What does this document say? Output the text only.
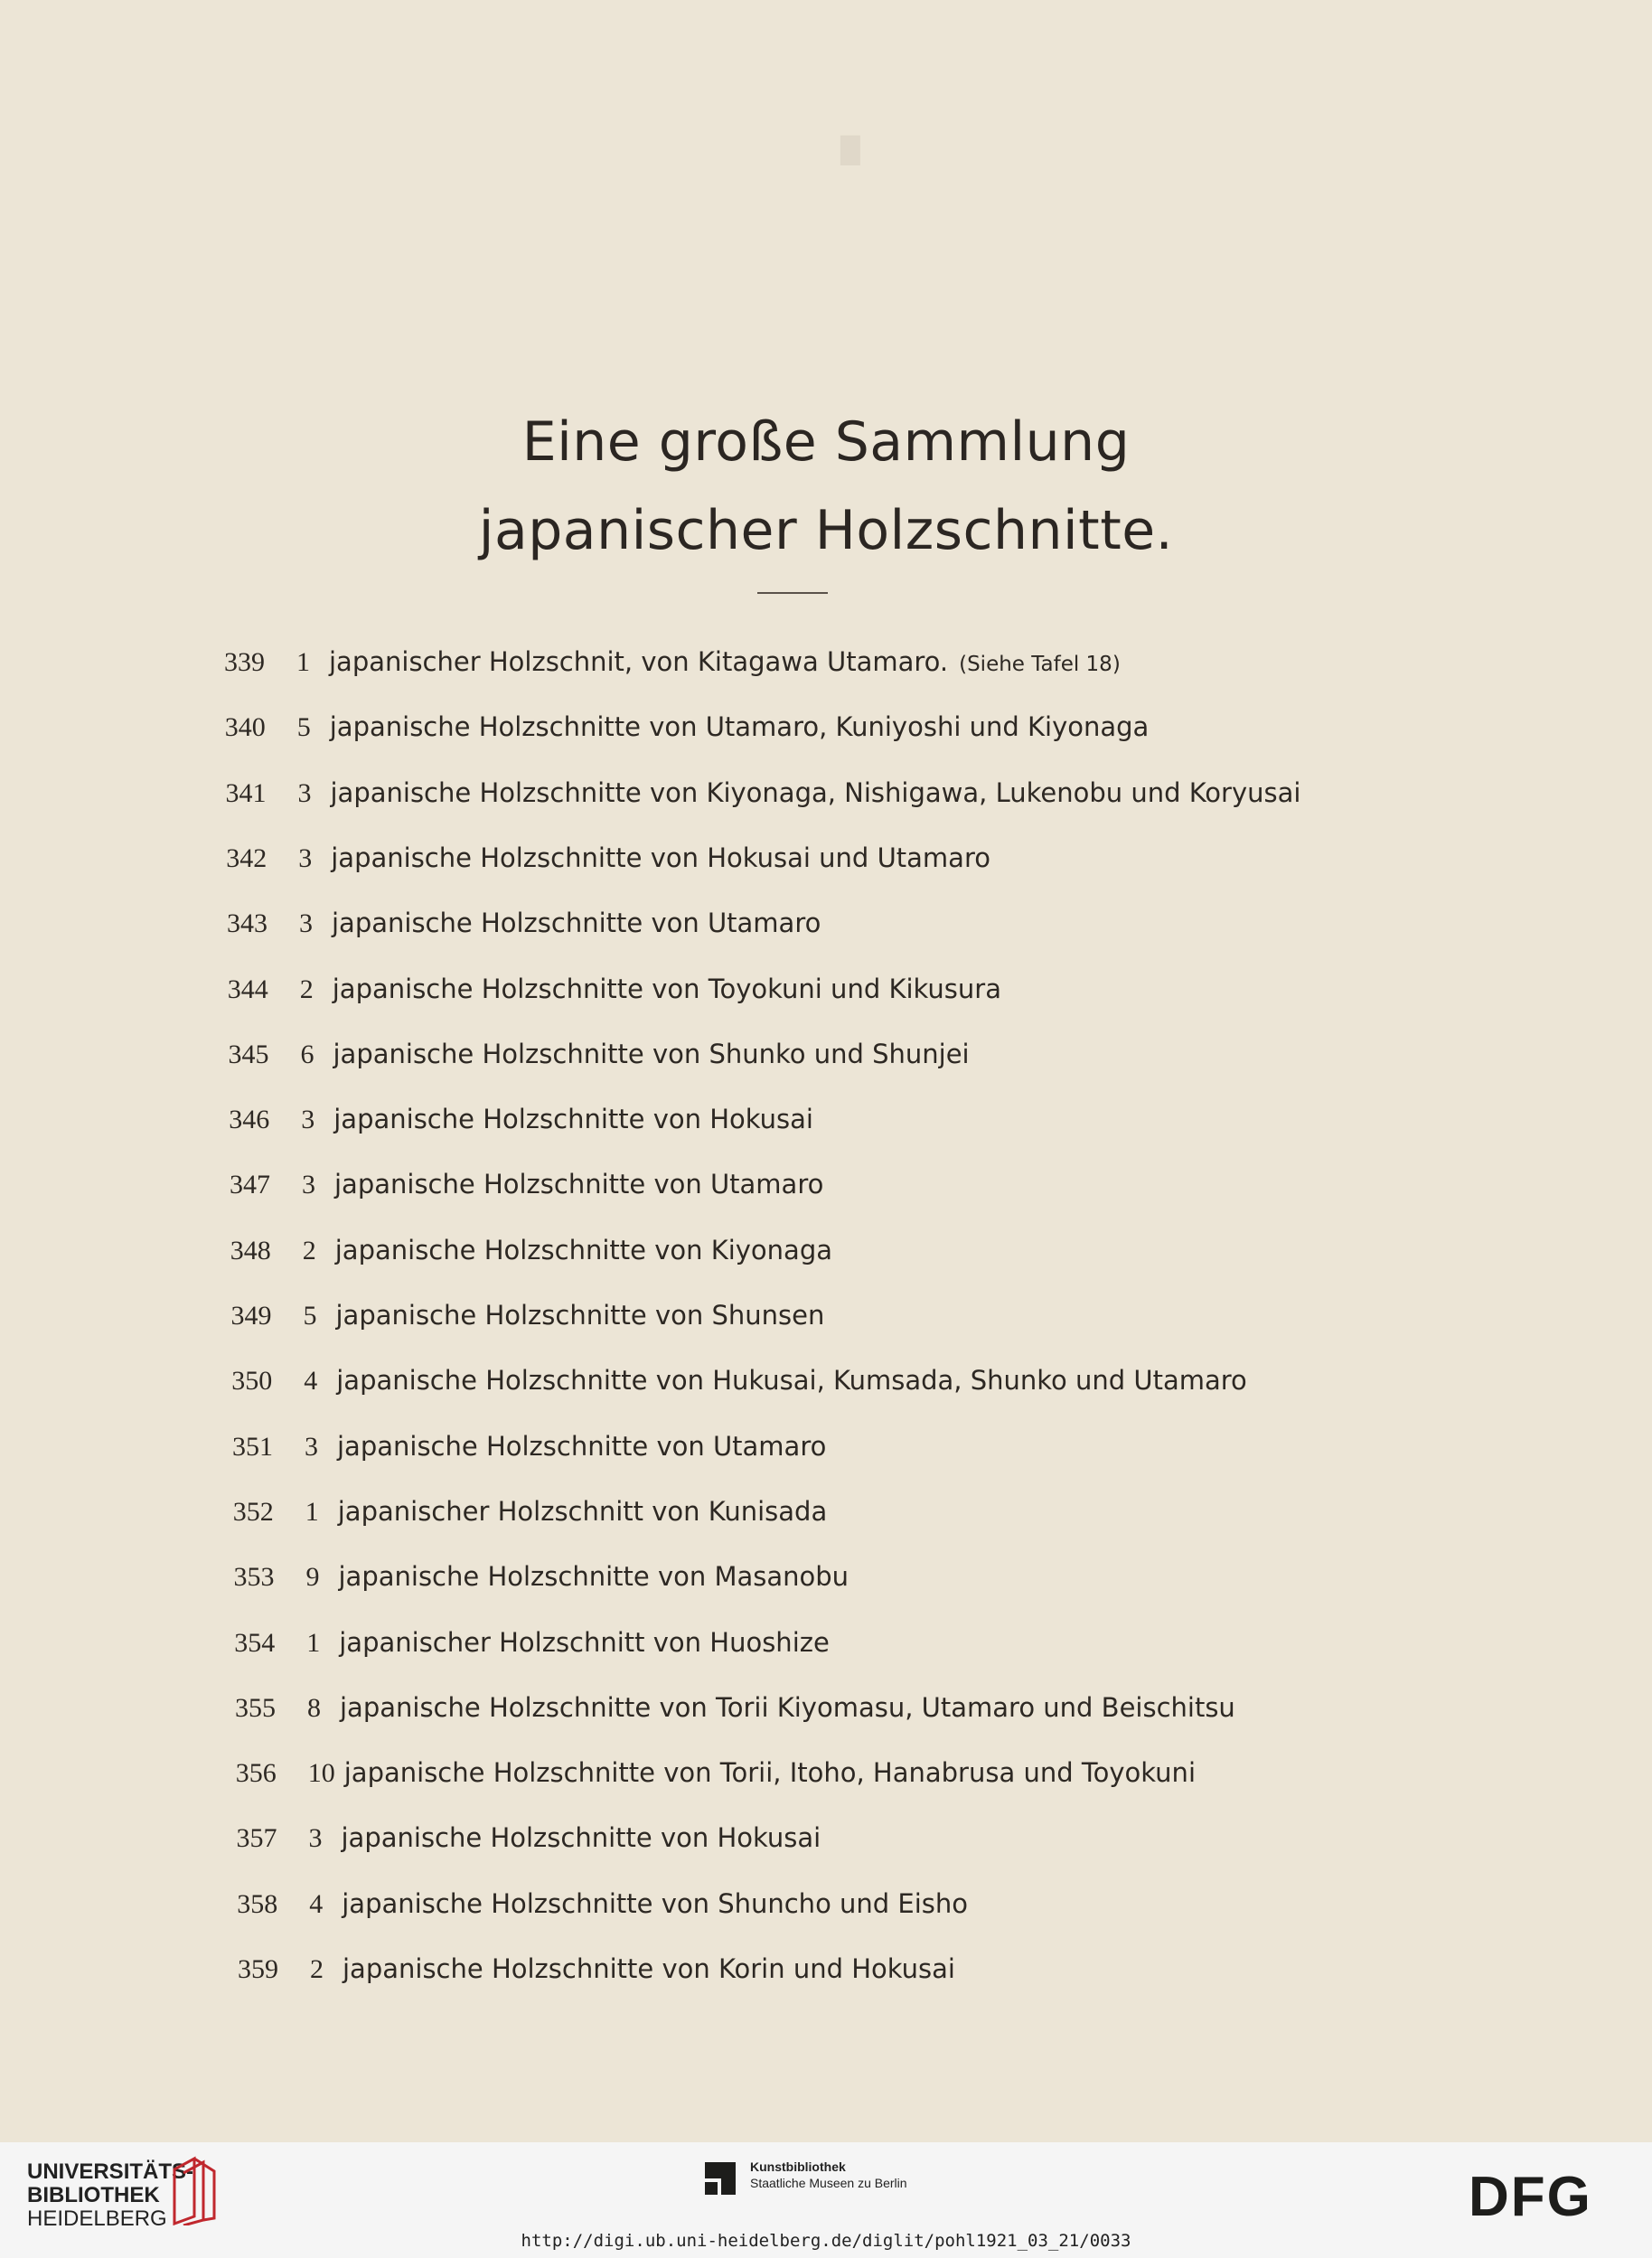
█
Eine große Sammlung
japanischer Holzschnitte.
339 1 japanischer Holzschnit, von Kitagawa Utamaro. (Siehe Tafel 18)
340 5 japanische Holzschnitte von Utamaro, Kuniyoshi und Kiyonaga
341 3 japanische Holzschnitte von Kiyonaga, Nishigawa, Lukenobu und Koryusai
342 3 japanische Holzschnitte von Hokusai und Utamaro
343 3 japanische Holzschnitte von Utamaro
344 2 japanische Holzschnitte von Toyokuni und Kikusura
345 6 japanische Holzschnitte von Shunko und Shunjei
346 3 japanische Holzschnitte von Hokusai
347 3 japanische Holzschnitte von Utamaro
348 2 japanische Holzschnitte von Kiyonaga
349 5 japanische Holzschnitte von Shunsen
350 4 japanische Holzschnitte von Hukusai, Kumsada, Shunko und Utamaro
351 3 japanische Holzschnitte von Utamaro
352 1 japanischer Holzschnitt von Kunisada
353 9 japanische Holzschnitte von Masanobu
354 1 japanischer Holzschnitt von Huoshize
355 8 japanische Holzschnitte von Torii Kiyomasu, Utamaro und Beischitsu
356 10 japanische Holzschnitte von Torii, Itoho, Hanabrusa und Toyokuni
357 3 japanische Holzschnitte von Hokusai
358 4 japanische Holzschnitte von Shuncho und Eisho
359 2 japanische Holzschnitte von Korin und Hokusai
UNIVERSITÄTS-
BIBLIOTHEK
HEIDELBERG
Kunstbibliothek
Staatliche Museen zu Berlin	DFG
http://digi.ub.uni-heidelberg.de/diglit/pohl1921_03_21/0033
